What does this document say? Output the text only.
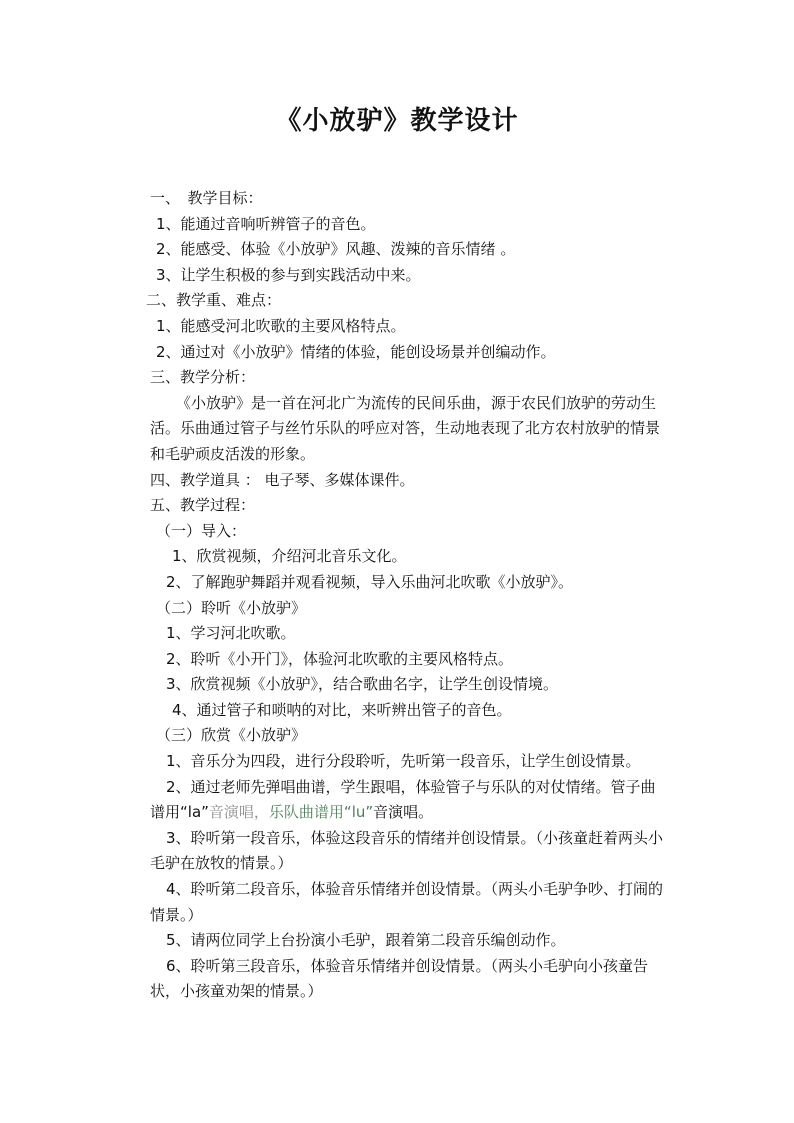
《小放驴》教学设计

一、　教学目标：

1、能通过音响听辨管子的音色。

2、能感受、体验《小放驴》风趣、泼辣的音乐情绪 。

3、让学生积极的参与到实践活动中来。

二、教学重、难点：

1、能感受河北吹歌的主要风格特点。

2、通过对《小放驴》情绪的体验，能创设场景并创编动作。

三、教学分析：

《小放驴》是一首在河北广为流传的民间乐曲，源于农民们放驴的劳动生活。乐曲通过管子与丝竹乐队的呼应对答，生动地表现了北方农村放驴的情景和毛驴顽皮活泼的形象。

四、教学道具 ： 电子琴、多媒体课件。

五、教学过程：

（一）导入：

1、欣赏视频，介绍河北音乐文化。

2、了解跑驴舞蹈并观看视频，导入乐曲河北吹歌《小放驴》。

（二）聆听《小放驴》

1、学习河北吹歌。

2、聆听《小开门》，体验河北吹歌的主要风格特点。

3、欣赏视频《小放驴》，结合歌曲名字，让学生创设情境。

4、通过管子和唢呐的对比，来听辨出管子的音色。

（三）欣赏《小放驴》

1、音乐分为四段，进行分段聆听，先听第一段音乐，让学生创设情景。

2、通过老师先弹唱曲谱，学生跟唱，体验管子与乐队的对仗情绪。管子曲谱用“la”音演唱，乐队曲谱用“lu”音演唱。

3、聆听第一段音乐，体验这段音乐的情绪并创设情景。（小孩童赶着两头小毛驴在放牧的情景。）

4、聆听第二段音乐，体验音乐情绪并创设情景。（两头小毛驴争吵、打闹的情景。）

5、请两位同学上台扮演小毛驴，跟着第二段音乐编创动作。

6、聆听第三段音乐，体验音乐情绪并创设情景。（两头小毛驴向小孩童告状，小孩童劝架的情景。）
